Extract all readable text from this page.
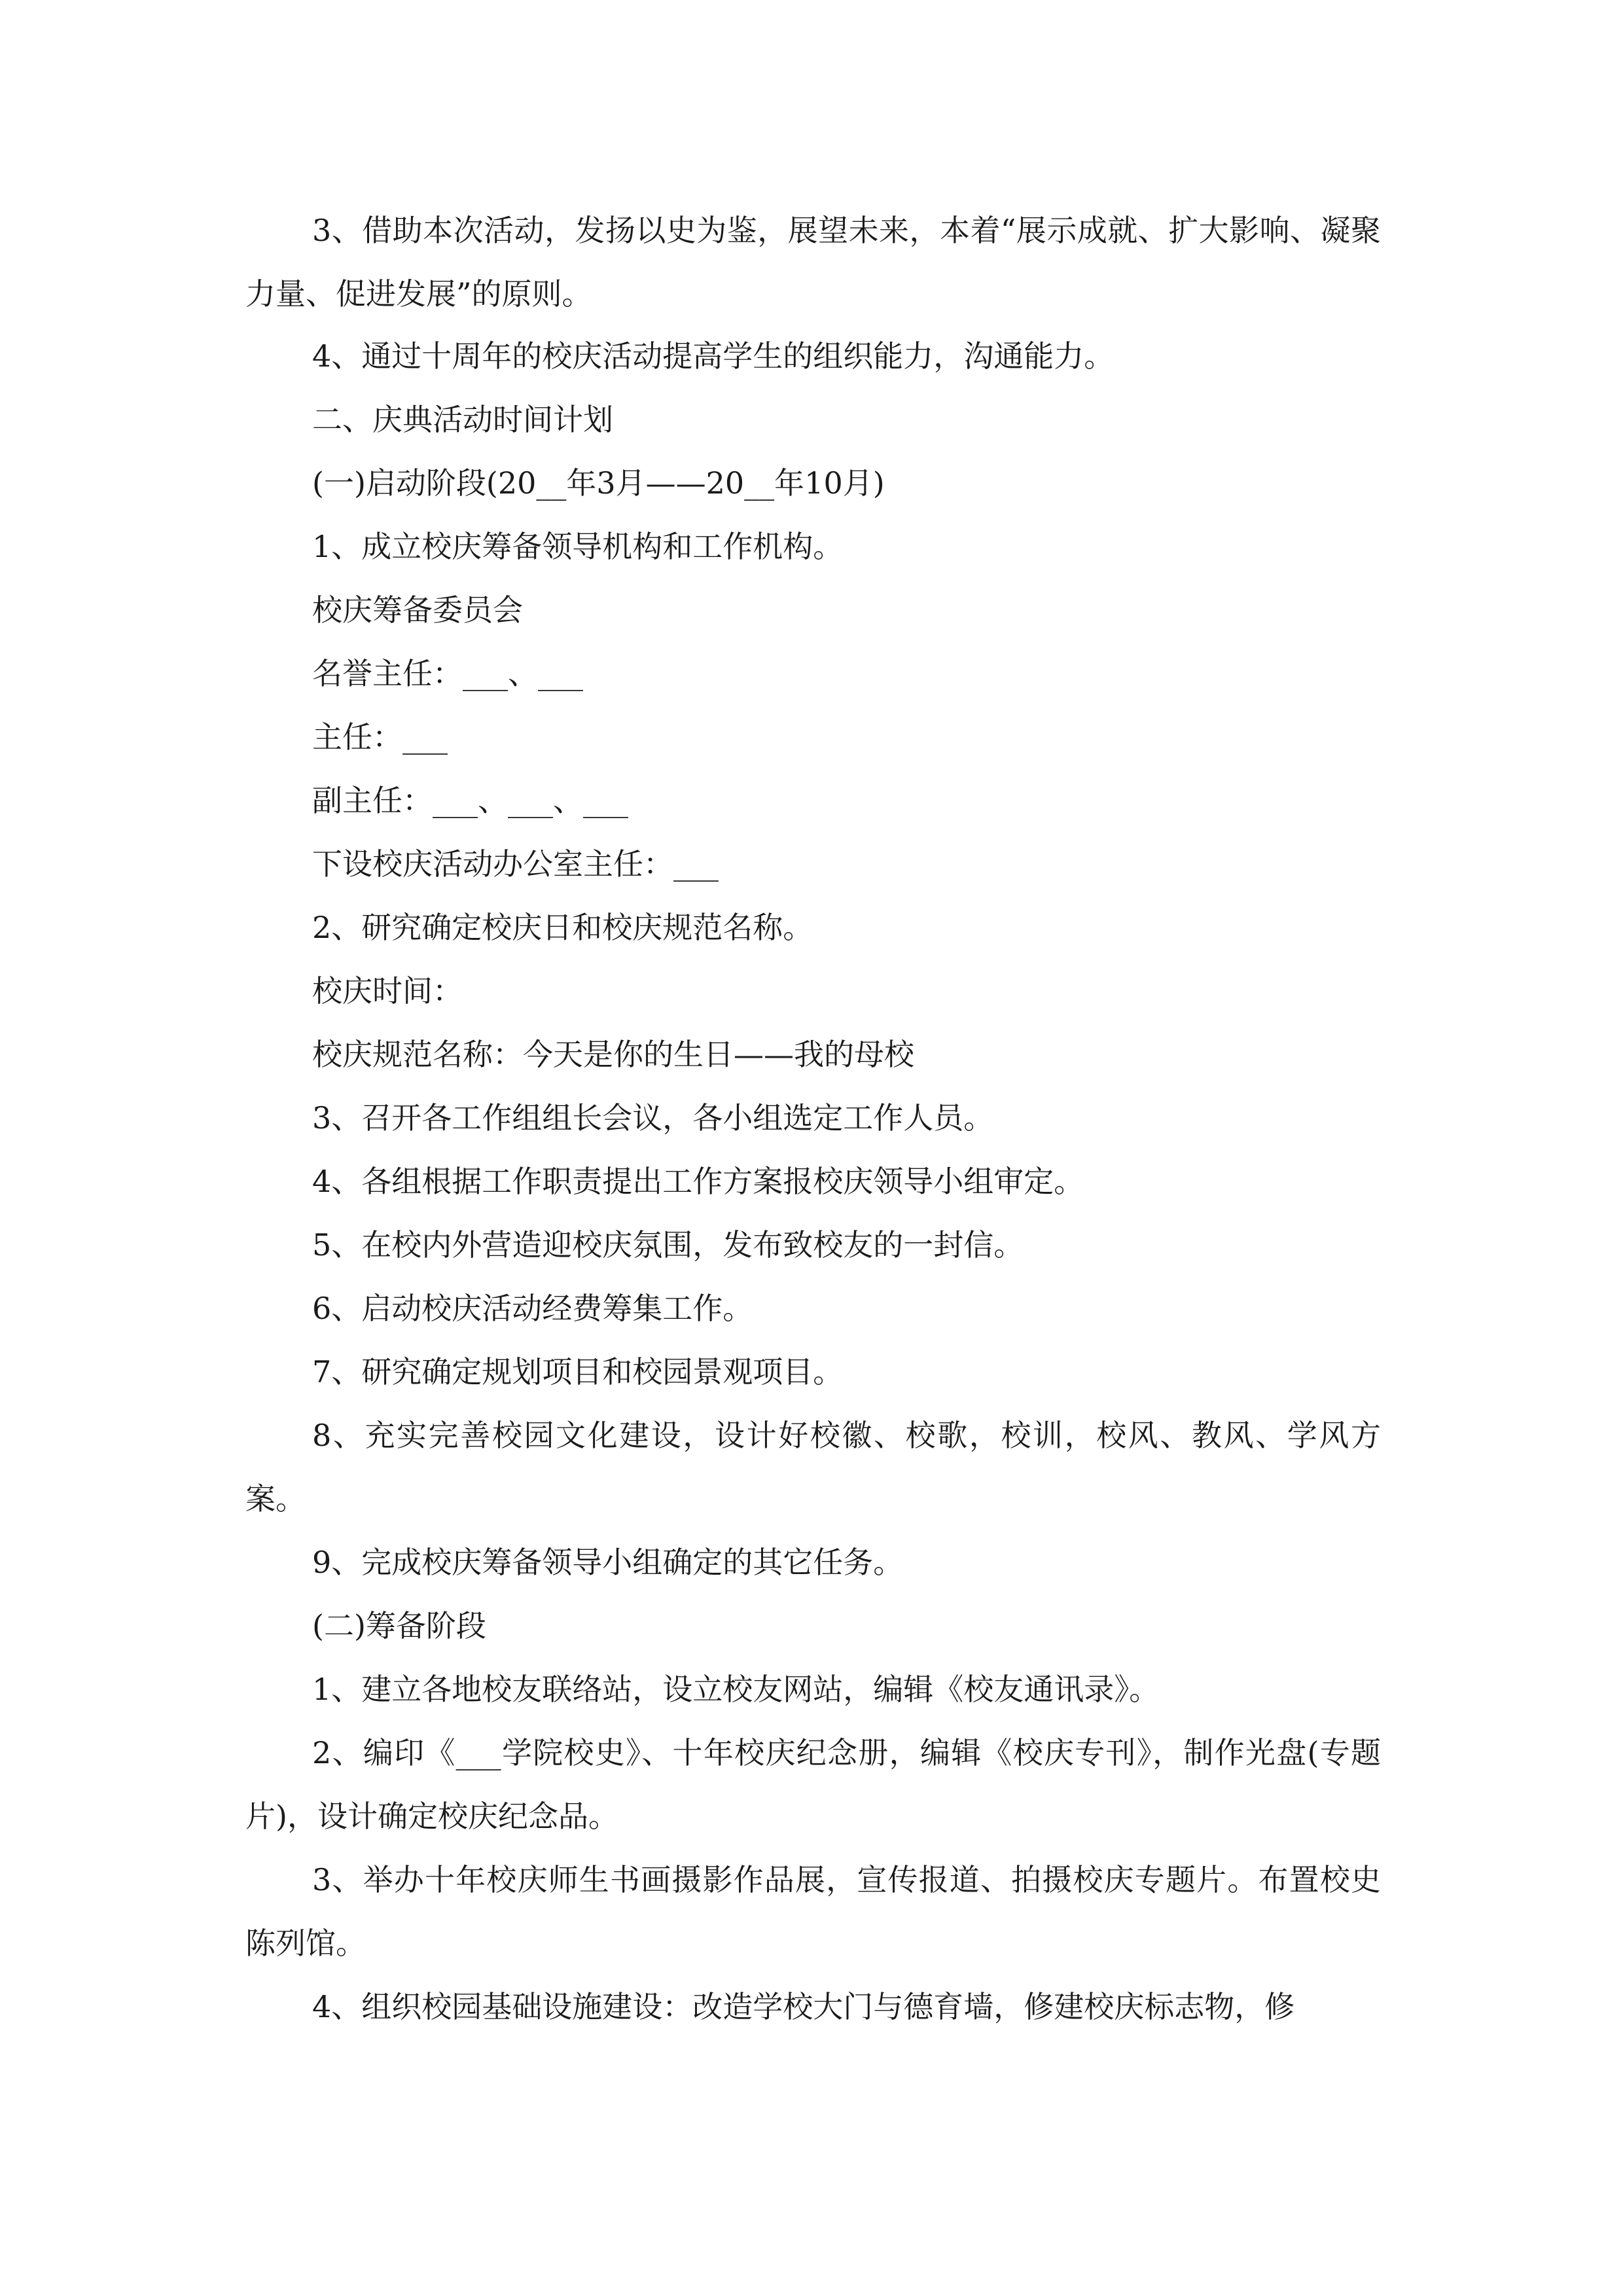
3、借助本次活动，发扬以史为鉴，展望未来，本着“展示成就、扩大影响、凝聚力量、促进发展”的原则。
4、通过十周年的校庆活动提高学生的组织能力，沟通能力。
二、庆典活动时间计划
(一)启动阶段(20__年3月——20__年10月)
1、成立校庆筹备领导机构和工作机构。
校庆筹备委员会
名誉主任：___、___
主任：___
副主任：___、___、___
下设校庆活动办公室主任：___
2、研究确定校庆日和校庆规范名称。
校庆时间：
校庆规范名称：今天是你的生日——我的母校
3、召开各工作组组长会议，各小组选定工作人员。
4、各组根据工作职责提出工作方案报校庆领导小组审定。
5、在校内外营造迎校庆氛围，发布致校友的一封信。
6、启动校庆活动经费筹集工作。
7、研究确定规划项目和校园景观项目。
8、充实完善校园文化建设，设计好校徽、校歌，校训，校风、教风、学风方案。
9、完成校庆筹备领导小组确定的其它任务。
(二)筹备阶段
1、建立各地校友联络站，设立校友网站，编辑《校友通讯录》。
2、编印《___学院校史》、十年校庆纪念册，编辑《校庆专刊》，制作光盘(专题片)，设计确定校庆纪念品。
3、举办十年校庆师生书画摄影作品展，宣传报道、拍摄校庆专题片。布置校史陈列馆。
4、组织校园基础设施建设：改造学校大门与德育墙，修建校庆标志物，修
